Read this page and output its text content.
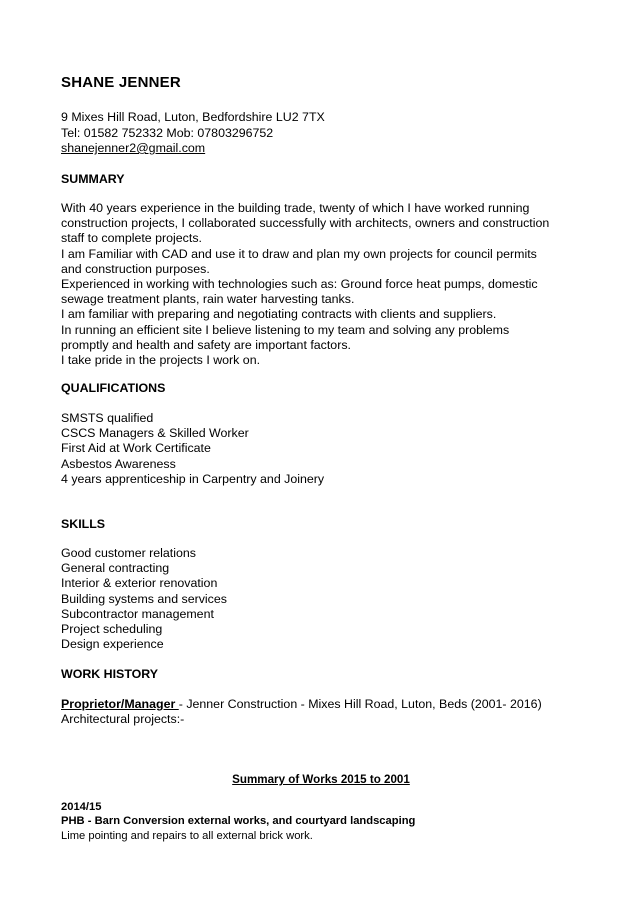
SHANE JENNER
9 Mixes Hill Road, Luton, Bedfordshire LU2 7TX
Tel: 01582 752332 Mob: 07803296752
shanejenner2@gmail.com
SUMMARY
With 40 years experience in the building trade, twenty of which I have worked running
construction projects, I collaborated successfully with architects, owners and construction
staff to complete projects.
I am Familiar with CAD and use it to draw and plan my own projects for council permits
and construction purposes.
Experienced in working with technologies such as: Ground force heat pumps, domestic
sewage treatment plants, rain water harvesting tanks.
I am familiar with preparing and negotiating contracts with clients and suppliers.
In running an efficient site I believe listening to my team and solving any problems
promptly and health and safety are important factors.
I take pride in the projects I work on.
QUALIFICATIONS
SMSTS qualified
CSCS Managers & Skilled Worker
First Aid at Work Certificate
Asbestos Awareness
4 years apprenticeship in Carpentry and Joinery
SKILLS
Good customer relations
General contracting
Interior & exterior renovation
Building systems and services
Subcontractor management
Project scheduling
Design experience
WORK HISTORY
Proprietor/Manager - Jenner Construction - Mixes Hill Road, Luton, Beds (2001- 2016)
Architectural projects:-
Summary of Works 2015 to 2001
2014/15
PHB - Barn Conversion external works, and courtyard landscaping
Lime pointing and repairs to all external brick work.
